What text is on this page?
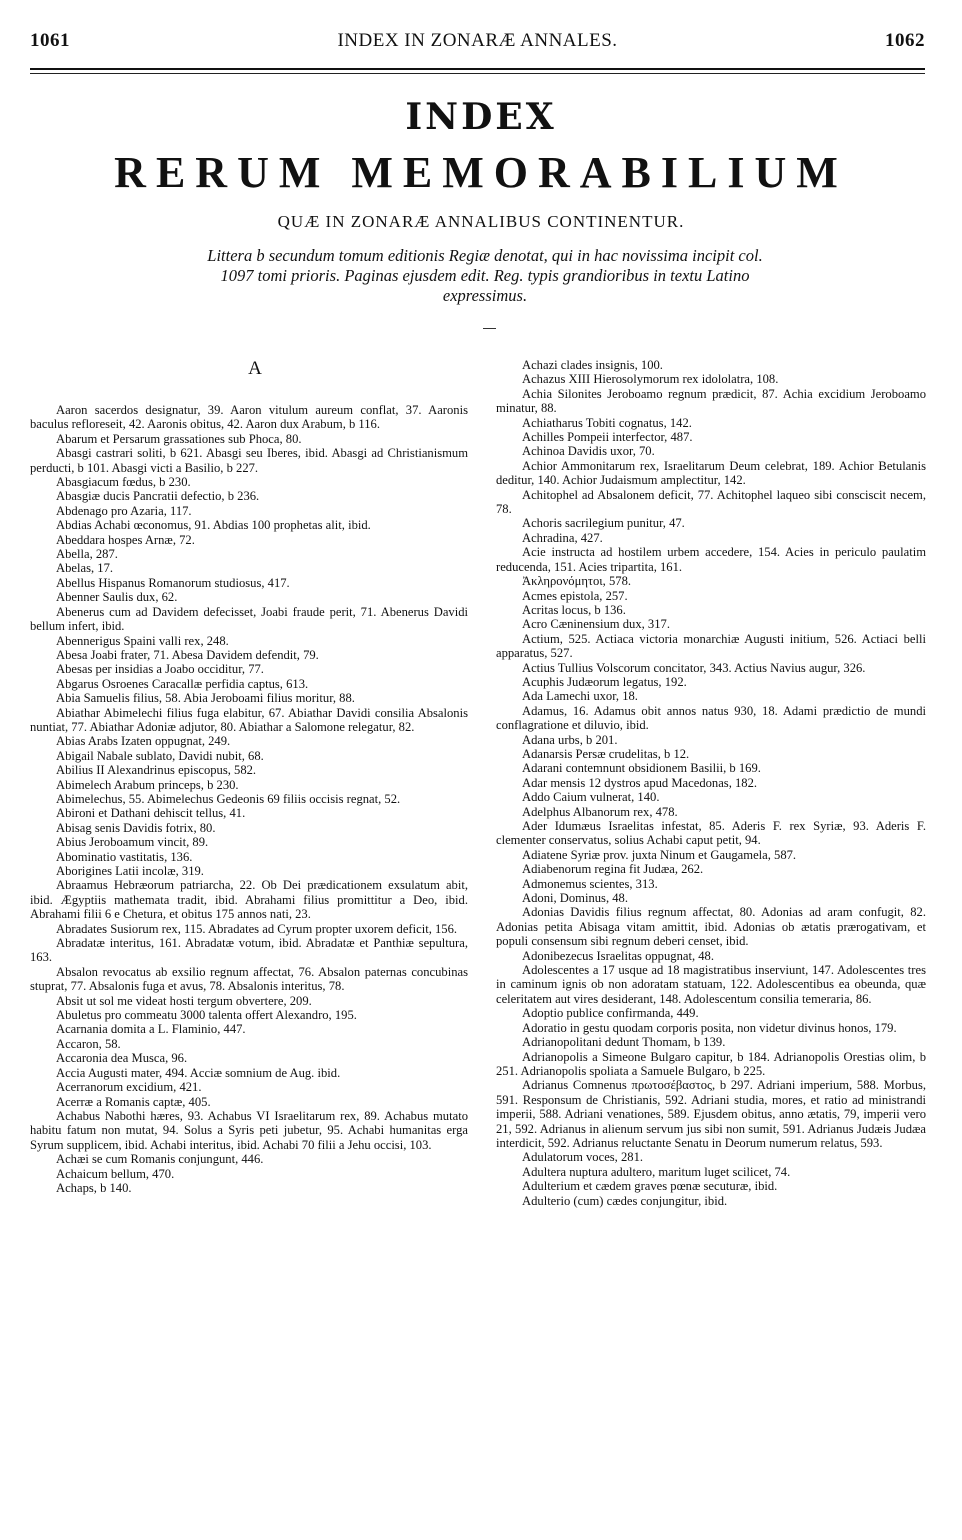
1061	INDEX IN ZONARÆ ANNALES.	1062
INDEX
RERUM MEMORABILIUM
QUÆ IN ZONARÆ ANNALIBUS CONTINENTUR.
Littera b secundum tomum editionis Regiæ denotat, qui in hac novissima incipit col. 1097 tomi prioris. Paginas ejusdem edit. Reg. typis grandioribus in textu Latino expressimus.
A

Aaron sacerdos designatur, 39. Aaron vitulum aureum conflat, 37. Aaronis baculus refloreseit, 42. Aaronis obitus, 42. Aaron dux Arabum, b 116.

Abarum et Persarum grassationes sub Phoca, 80.

Abasgi castrari soliti, b 621. Abasgi seu Iberes, ibid. Abasgi ad Christianismum perducti, b 101. Abasgi victi a Basilio, b 227.

Abasgiacum fœdus, b 230.

Abasgiæ ducis Pancratii defectio, b 236.

Abdenago pro Azaria, 117.

Abdias Achabi œconomus, 91. Abdias 100 prophetas alit, ibid.

Abeddara hospes Arnæ, 72.

Abella, 287.

Abelas, 17.

Abellus Hispanus Romanorum studiosus, 417.

Abenner Saulis dux, 62.

Abenerus cum ad Davidem defecisset, Joabi fraude perit, 71. Abenerus Davidi bellum infert, ibid.

Abennerigus Spaini valli rex, 248.

Abesa Joabi frater, 71. Abesa Davidem defendit, 79.

Abesas per insidias a Joabo occiditur, 77.

Abgarus Osroenes Caracallæ perfidia captus, 613.

Abia Samuelis filius, 58. Abia Jeroboami filius moritur, 88.

Abiathar Abimelechi filius fuga elabitur, 67. Abiathar Davidi consilia Absalonis nuntiat, 77. Abiathar Adoniæ adjutor, 80. Abiathar a Salomone relegatur, 82.

Abias Arabs Izaten oppugnat, 249.

Abigail Nabale sublato, Davidi nubit, 68.

Abilius II Alexandrinus episcopus, 582.

Abimelech Arabum princeps, b 230.

Abimelechus, 55. Abimelechus Gedeonis 69 filiis occisis regnat, 52.

Abironi et Dathani dehiscit tellus, 41.

Abisag senis Davidis fotrix, 80.

Abius Jeroboamum vincit, 89.

Abominatio vastitatis, 136.

Aborigines Latii incolæ, 319.

Abraamus Hebræorum patriarcha, 22. Ob Dei prædicationem exsulatum abit, ibid. Ægyptiis mathemata tradit, ibid. Abrahami filius promittitur a Deo, ibid. Abrahami filii 6 e Chetura, et obitus 175 annos nati, 23.

Abradates Susiorum rex, 115. Abradates ad Cyrum propter uxorem deficit, 156.

Abradatæ interitus, 161. Abradatæ votum, ibid. Abradatæ et Panthiæ sepultura, 163.

Absalon revocatus ab exsilio regnum affectat, 76. Absalon paternas concubinas stuprat, 77. Absalonis fuga et avus, 78. Absalonis interitus, 78.

Absit ut sol me videat hosti tergum obvertere, 209.

Abuletus pro commeatu 3000 talenta offert Alexandro, 195.

Acarnania domita a L. Flaminio, 447.

Accaron, 58.

Accaronia dea Musca, 96.

Accia Augusti mater, 494. Acciæ somnium de Aug. ibid.

Acerranorum excidium, 421.

Acerræ a Romanis captæ, 405.

Achabus Nabothi hæres, 93. Achabus VI Israelitarum rex, 89. Achabus mutato habitu fatum non mutat, 94. Solus a Syris peti jubetur, 95. Achabi humanitas erga Syrum supplicem, ibid. Achabi interitus, ibid. Achabi 70 filii a Jehu occisi, 103.

Achæi se cum Romanis conjungunt, 446.

Achaicum bellum, 470.

Achaps, b 140.

Achazi clades insignis, 100.

Achazus XIII Hierosolymorum rex idololatra, 108.

Achia Silonites Jeroboamo regnum prædicit, 87. Achia excidium Jeroboamo minatur, 88.

Achiatharus Tobiti cognatus, 142.

Achilles Pompeii interfector, 487.

Achinoa Davidis uxor, 70.

Achior Ammonitarum rex, Israelitarum Deum celebrat, 189. Achior Betulanis deditur, 140. Achior Judaismum amplectitur, 142.

Achitophel ad Absalonem deficit, 77. Achitophel laqueo sibi consciscit necem, 78.

Achoris sacrilegium punitur, 47.

Achradina, 427.

Acie instructa ad hostilem urbem accedere, 154. Acies in periculo paulatim reducenda, 151. Acies tripartita, 161.

Ἀκληρονόμητοι, 578.

Acmes epistola, 257.

Acritas locus, b 136.

Acro Cæninensium dux, 317.

Actium, 525. Actiaca victoria monarchiæ Augusti initium, 526. Actiaci belli apparatus, 527.

Actius Tullius Volscorum concitator, 343. Actius Navius augur, 326.

Acuphis Judæorum legatus, 192.

Ada Lamechi uxor, 18.

Adamus, 16. Adamus obit annos natus 930, 18. Adami prædictio de mundi conflagratione et diluvio, ibid.

Adana urbs, b 201.

Adanarsis Persæ crudelitas, b 12.

Adarani contemnunt obsidionem Basilii, b 169.

Adar mensis 12 dystros apud Macedonas, 182.

Addo Caium vulnerat, 140.

Adelphus Albanorum rex, 478.

Ader Idumæus Israelitas infestat, 85. Aderis F. rex Syriæ, 93. Aderis F. clementer conservatus, solius Achabi caput petit, 94.

Adiatene Syriæ prov. juxta Ninum et Gaugamela, 587.

Adiabenorum regina fit Judæa, 262.

Admonemus scientes, 313.

Adoni, Dominus, 48.

Adonias Davidis filius regnum affectat, 80. Adonias ad aram confugit, 82. Adonias petita Abisaga vitam amittit, ibid. Adonias ob ætatis prærogativam, et populi consensum sibi regnum deberi censet, ibid.

Adonibezecus Israelitas oppugnat, 48.

Adolescentes a 17 usque ad 18 magistratibus inserviunt, 147. Adolescentes tres in caminum ignis ob non adoratam statuam, 122. Adolescentibus ea obeunda, quæ celeritatem aut vires desiderant, 148. Adolescentum consilia temeraria, 86.

Adoptio publice confirmanda, 449.

Adoratio in gestu quodam corporis posita, non videtur divinus honos, 179.

Adrianopolitani dedunt Thomam, b 139.

Adrianopolis a Simeone Bulgaro capitur, b 184. Adrianopolis Orestias olim, b 251. Adrianopolis spoliata a Samuele Bulgaro, b 225.

Adrianus Comnenus πρωτοσέβαστος, b 297. Adriani imperium, 588. Morbus, 591. Responsum de Christianis, 592. Adriani studia, mores, et ratio ad ministrandi imperii, 588. Adriani venationes, 589. Ejusdem obitus, anno ætatis, 79, imperii vero 21, 592. Adrianus in alienum servum jus sibi non sumit, 591. Adrianus Judæis Judæa interdicit, 592. Adrianus reluctante Senatu in Deorum numerum relatus, 593.

Adulatorum voces, 281.

Adultera nuptura adultero, maritum luget scilicet, 74.

Adulterium et cædem graves pœnæ secuturæ, ibid.

Adulterio (cum) cædes conjungitur, ibid.
